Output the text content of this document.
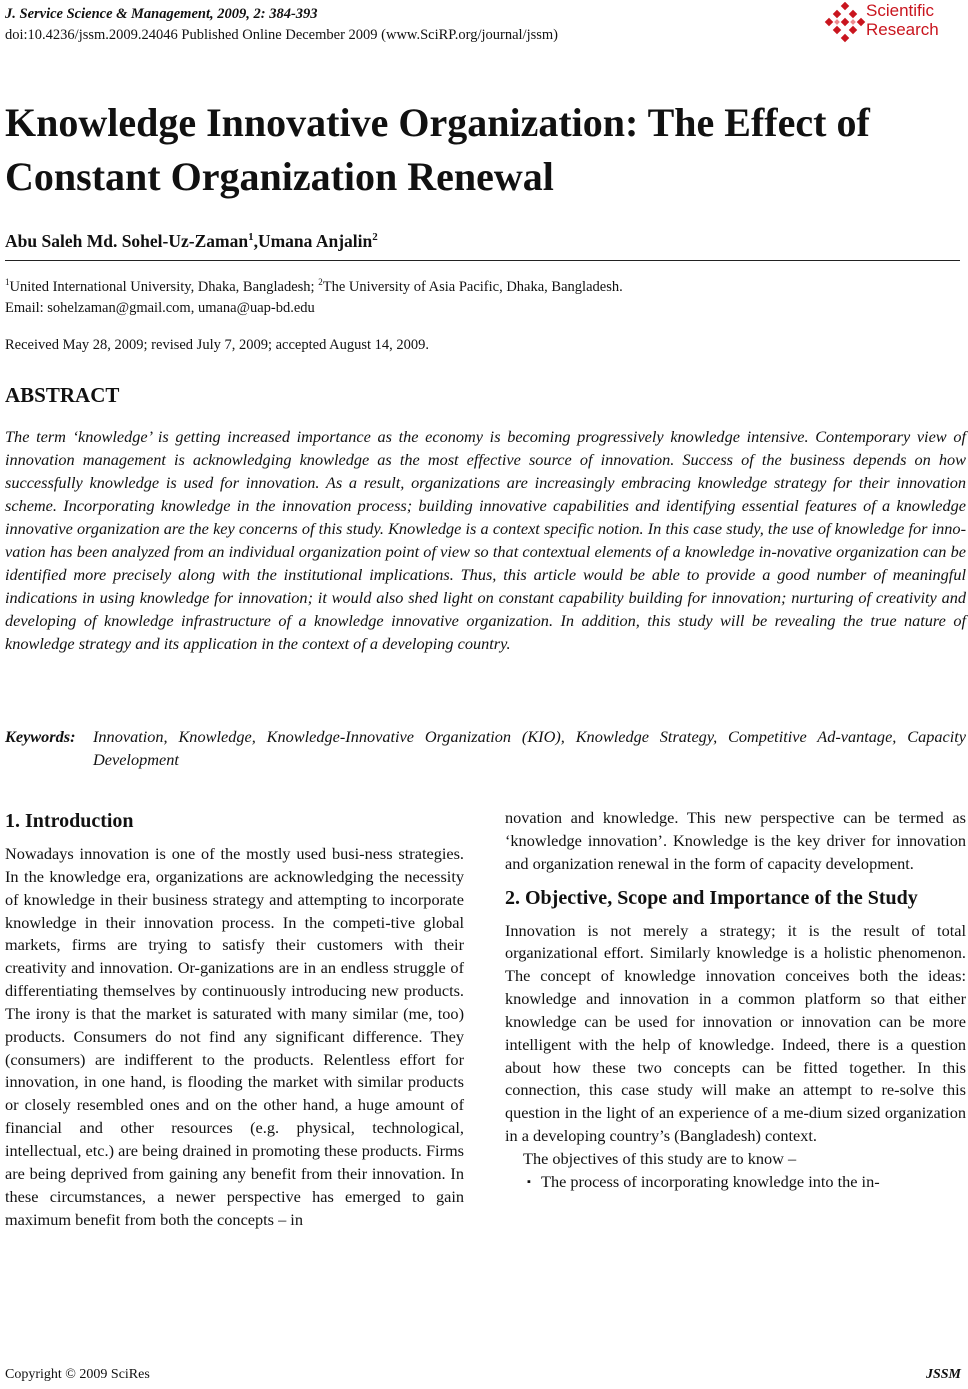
J. Service Science & Management, 2009, 2: 384-393
doi:10.4236/jssm.2009.24046 Published Online December 2009 (www.SciRP.org/journal/jssm)
Scientific
Research
Knowledge Innovative Organization: The Effect of Constant Organization Renewal
Abu Saleh Md. Sohel-Uz-Zaman$^1$,Umana Anjalin$^2$
$^1$United International University, Dhaka, Bangladesh; $^2$The University of Asia Pacific, Dhaka, Bangladesh.
Email: sohelzaman@gmail.com, umana@uap-bd.edu
Received May 28, 2009; revised July 7, 2009; accepted August 14, 2009.
ABSTRACT

The term ‘knowledge’ is getting increased importance as the economy is becoming progressively knowledge intensive. Contemporary view of innovation management is acknowledging knowledge as the most effective source of innovation. Success of the business depends on how successfully knowledge is used for innovation. As a result, organizations are increasingly embracing knowledge strategy for their innovation scheme. Incorporating knowledge in the innovation process; building innovative capabilities and identifying essential features of a knowledge innovative organization are the key concerns of this study. Knowledge is a context specific notion. In this case study, the use of knowledge for inno-vation has been analyzed from an individual organization point of view so that contextual elements of a knowledge in-novative organization can be identified more precisely along with the institutional implications. Thus, this article would be able to provide a good number of meaningful indications in using knowledge for innovation; it would also shed light on constant capability building for innovation; nurturing of creativity and developing of knowledge infrastructure of a knowledge innovative organization. In addition, this study will be revealing the true nature of knowledge strategy and its application in the context of a developing country.

Keywords:	Innovation, Knowledge, Knowledge-Innovative Organization (KIO), Knowledge Strategy, Competitive Ad-vantage, Capacity Development
1. Introduction

Nowadays innovation is one of the mostly used busi-ness strategies. In the knowledge era, organizations are acknowledging the necessity of knowledge in their business strategy and attempting to incorporate knowledge in their innovation process. In the competi-tive global markets, firms are trying to satisfy their customers with their creativity and innovation. Or-ganizations are in an endless struggle of differentiating themselves by continuously introducing new products. The irony is that the market is saturated with many similar (me, too) products. Consumers do not find any significant difference. They (consumers) are indifferent to the products. Relentless effort for innovation, in one hand, is flooding the market with similar products or closely resembled ones and on the other hand, a huge amount of financial and other resources (e.g. physical, technological, intellectual, etc.) are being drained in promoting these products. Firms are being deprived from gaining any benefit from their innovation. In these circumstances, a newer perspective has emerged to gain maximum benefit from both the concepts – in

novation and knowledge. This new perspective can be termed as ‘knowledge innovation’. Knowledge is the key driver for innovation and organization renewal in the form of capacity development.

2. Objective, Scope and Importance of the Study

Innovation is not merely a strategy; it is the result of total organizational effort. Similarly knowledge is a holistic phenomenon. The concept of knowledge innovation conceives both the ideas: knowledge and innovation in a common platform so that either knowledge can be used for innovation or innovation can be more intelligent with the help of knowledge. Indeed, there is a question about how these two concepts can be fitted together. In this connection, this case study will make an attempt to re-solve this question in the light of an experience of a me-dium sized organization in a developing country’s (Bangladesh) context.

The objectives of this study are to know –

▪ The process of incorporating knowledge into the in-

Copyright © 2009 SciRes	JSSM
